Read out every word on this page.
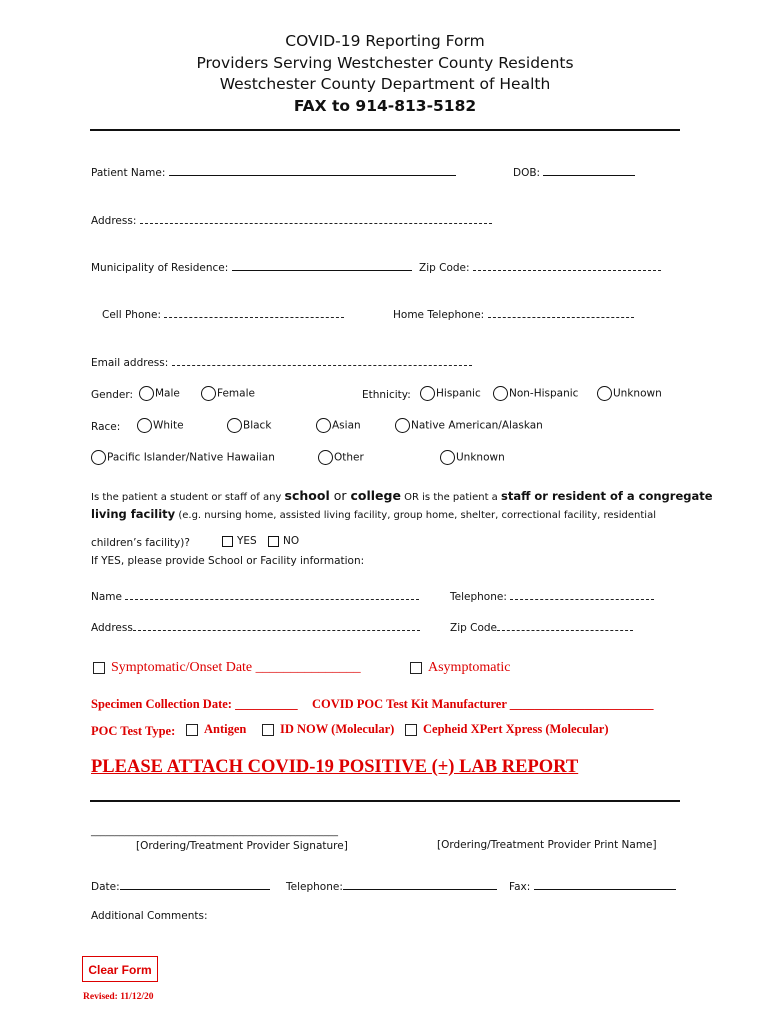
COVID-19 Reporting Form
Providers Serving Westchester County Residents
Westchester County Department of Health
FAX to 914-813-5182
Patient Name:	DOB:
Address:
Municipality of Residence:	Zip Code:
Cell Phone:	Home Telephone:
Email address:
Gender:	Male	Female	Ethnicity:	Hispanic	Non-Hispanic	Unknown
Race:	White	Black	Asian	Native American/Alaskan
Pacific Islander/Native Hawaiian	Other	Unknown
Is the patient a student or staff of any school or college OR is the patient a staff or resident of a congregate
living facility (e.g. nursing home, assisted living facility, group home, shelter, correctional facility, residential
children’s facility)?	YES	NO
If YES, please provide School or Facility information:
Name	Telephone:
Address	Zip Code
Symptomatic/Onset Date _______________	Asymptomatic
Specimen Collection Date: __________ COVID POC Test Kit Manufacturer _______________________
POC Test Type:	Antigen	ID NOW (Molecular)	Cepheid XPert Xpress (Molecular)
PLEASE ATTACH COVID-19 POSITIVE (+) LAB REPORT
____________________________________________________
[Ordering/Treatment Provider Signature]	[Ordering/Treatment Provider Print Name]
Date:	Telephone:	Fax:
Additional Comments:
Clear Form
Revised: 11/12/20
